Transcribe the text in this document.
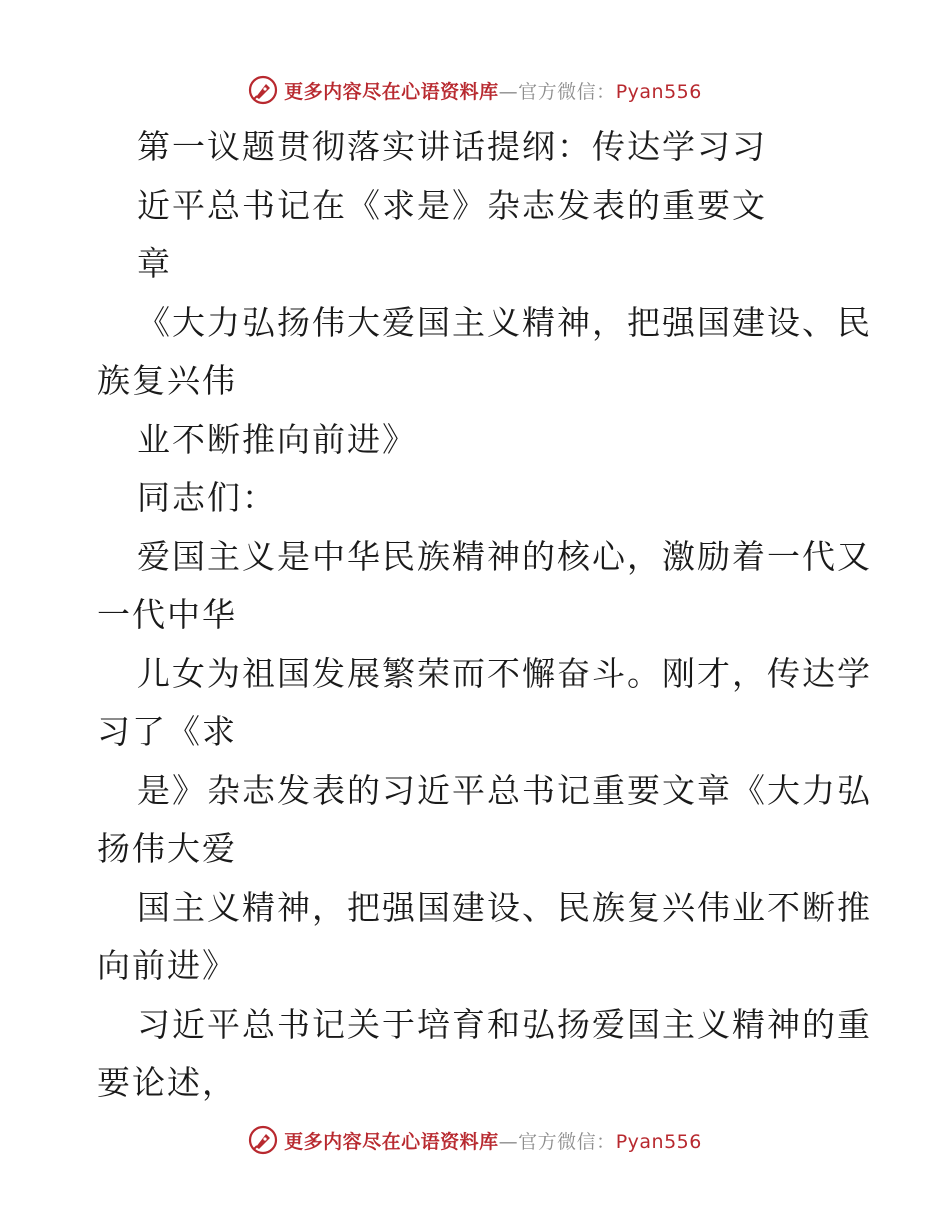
更多内容尽在心语资料库—官方微信：Pyan556
第一议题贯彻落实讲话提纲：传达学习习
近平总书记在《求是》杂志发表的重要文
章
《大力弘扬伟大爱国主义精神，把强国建设、民
族复兴伟
业不断推向前进》
同志们：
爱国主义是中华民族精神的核心，激励着一代又
一代中华
儿女为祖国发展繁荣而不懈奋斗。刚才，传达学
习了《求
是》杂志发表的习近平总书记重要文章《大力弘
扬伟大爱
国主义精神，把强国建设、民族复兴伟业不断推
向前进》
习近平总书记关于培育和弘扬爱国主义精神的重
要论述，
更多内容尽在心语资料库—官方微信：Pyan556
